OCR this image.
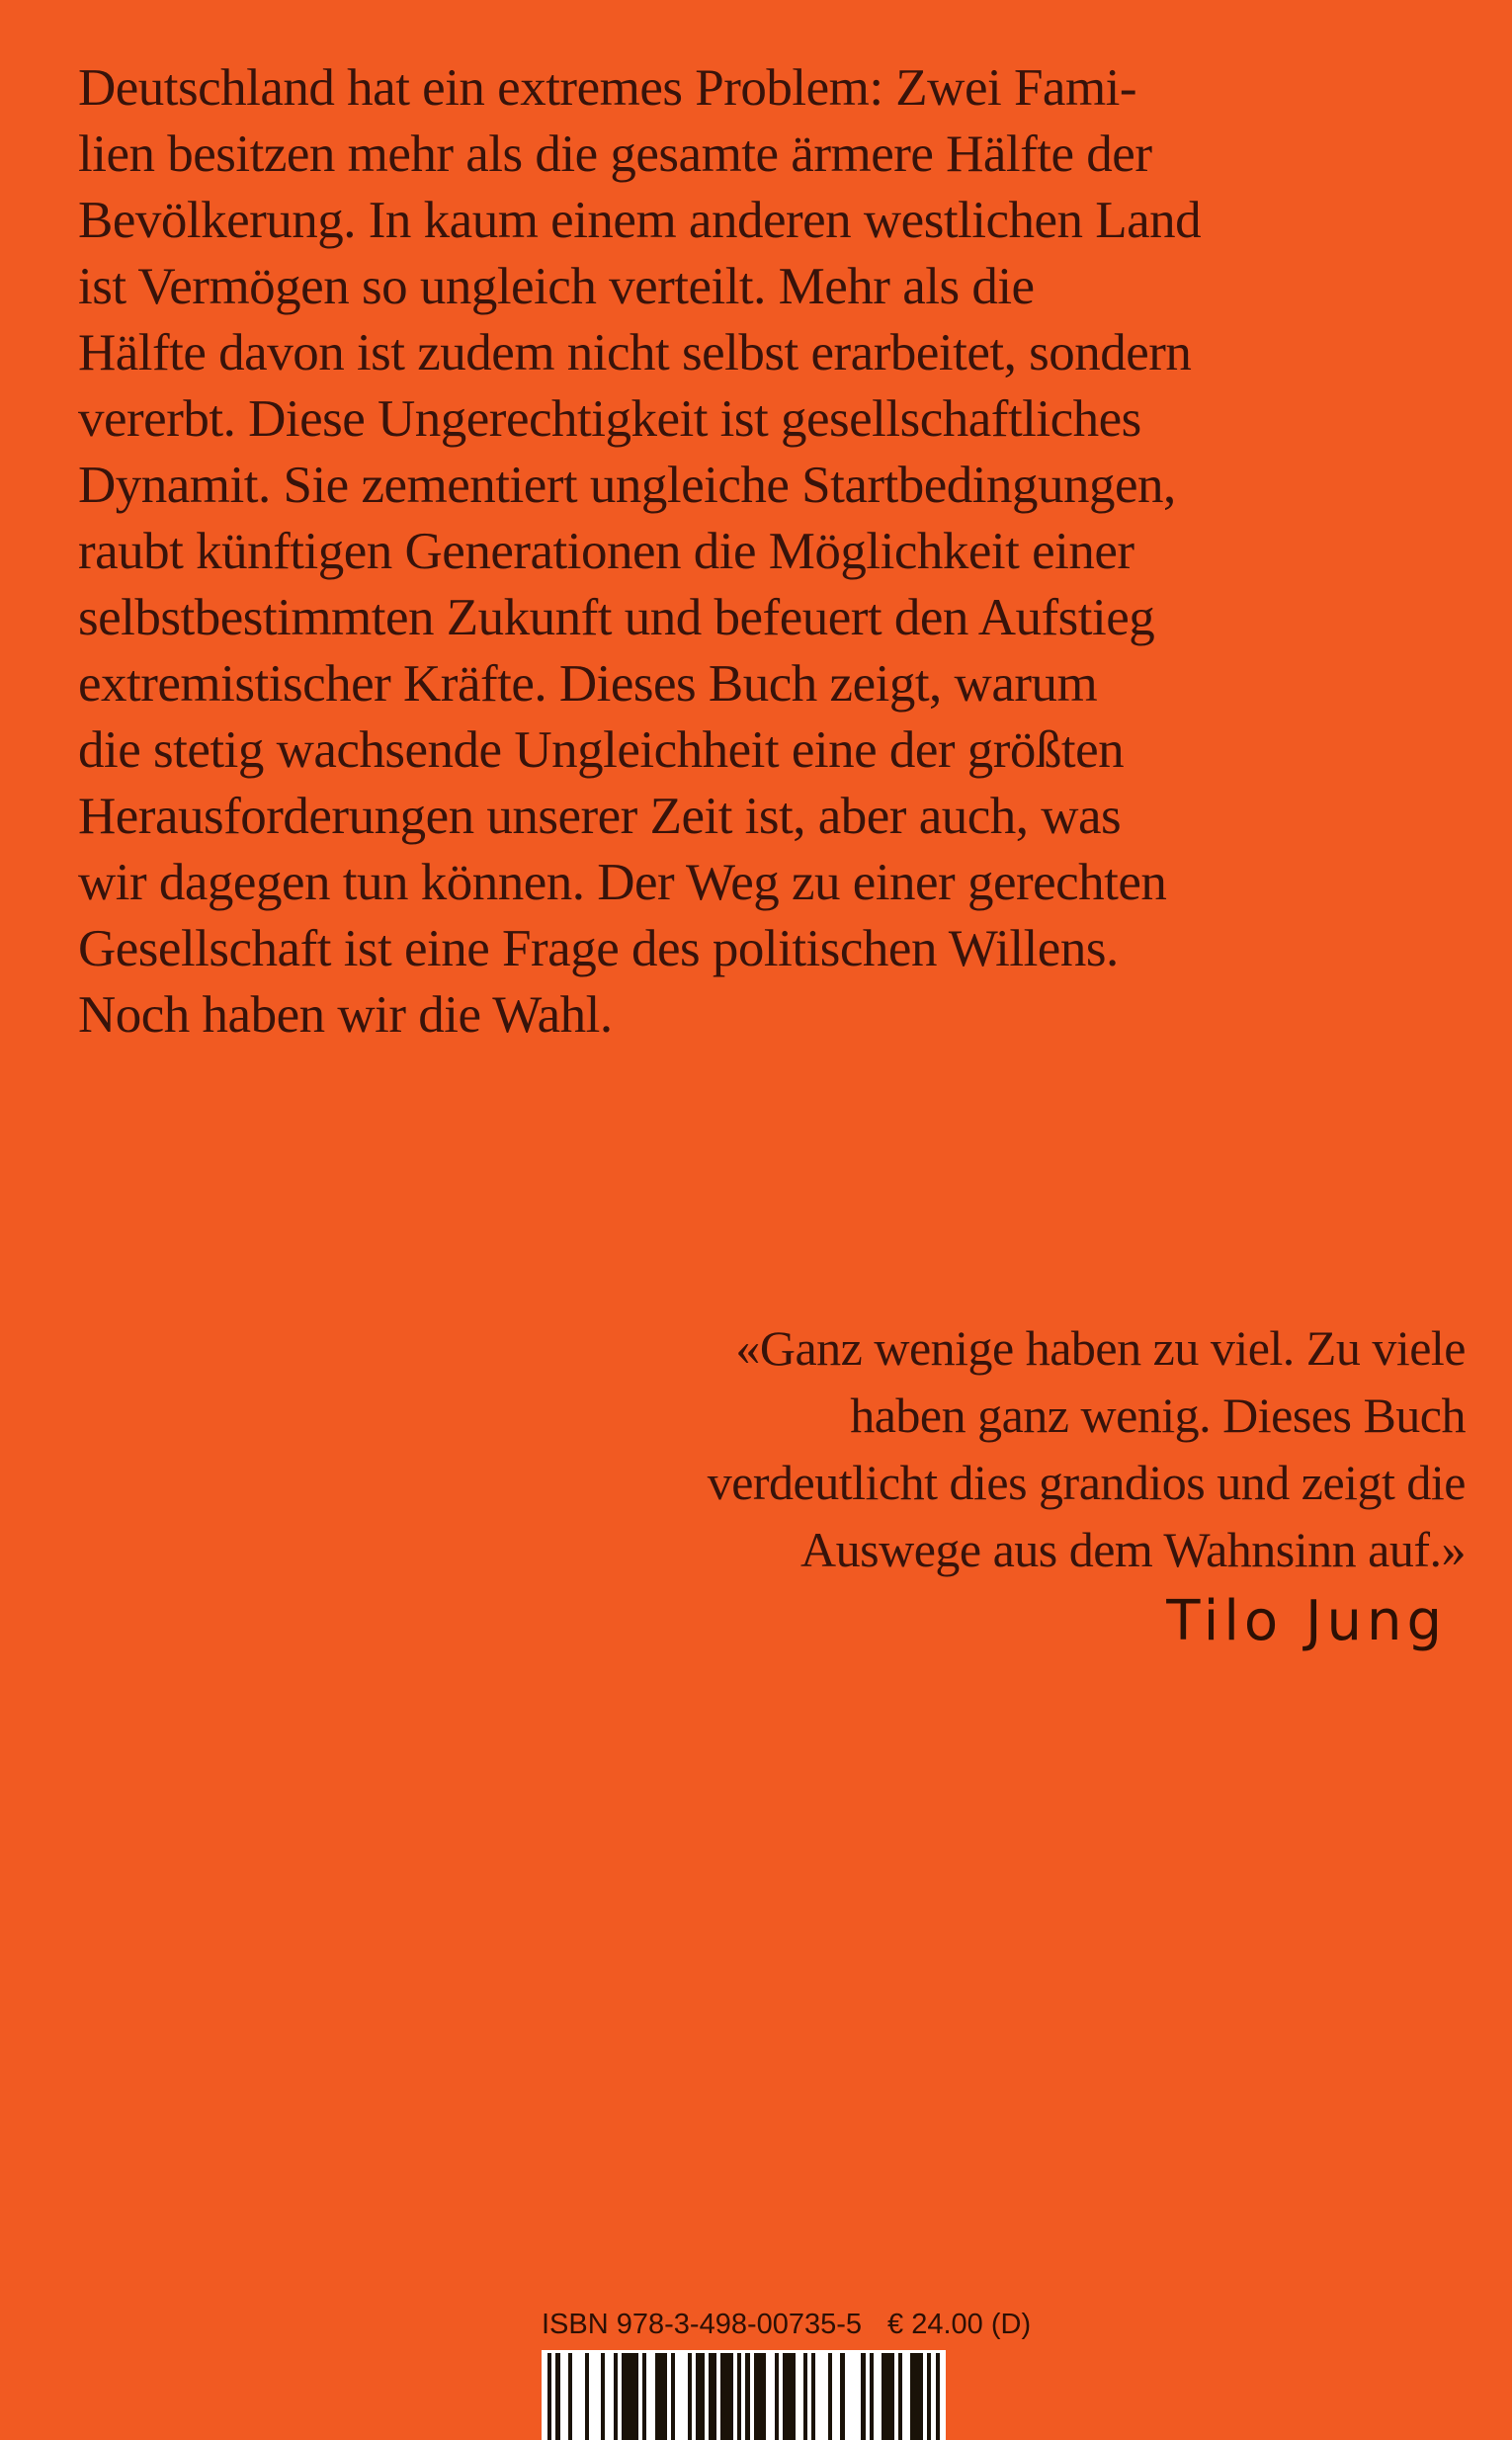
Deutschland hat ein extremes Problem: Zwei Fami-
lien besitzen mehr als die gesamte ärmere Hälfte der
Bevölkerung. In kaum einem anderen westlichen Land
ist Vermögen so ungleich verteilt. Mehr als die
Hälfte davon ist zudem nicht selbst erarbeitet, sondern
vererbt. Diese Ungerechtigkeit ist gesellschaftliches
Dynamit. Sie zementiert ungleiche Startbedingungen,
raubt künftigen Generationen die Möglichkeit einer
selbstbestimmten Zukunft und befeuert den Aufstieg
extremistischer Kräfte. Dieses Buch zeigt, warum
die stetig wachsende Ungleichheit eine der größten
Herausforderungen unserer Zeit ist, aber auch, was
wir dagegen tun können. Der Weg zu einer gerechten
Gesellschaft ist eine Frage des politischen Willens.
Noch haben wir die Wahl.
«Ganz wenige haben zu viel. Zu viele
haben ganz wenig. Dieses Buch
verdeutlicht dies grandios und zeigt die
Auswege aus dem Wahnsinn auf.»
Tilo Jung
ISBN 978-3-498-00735-5 € 24.00 (D)
